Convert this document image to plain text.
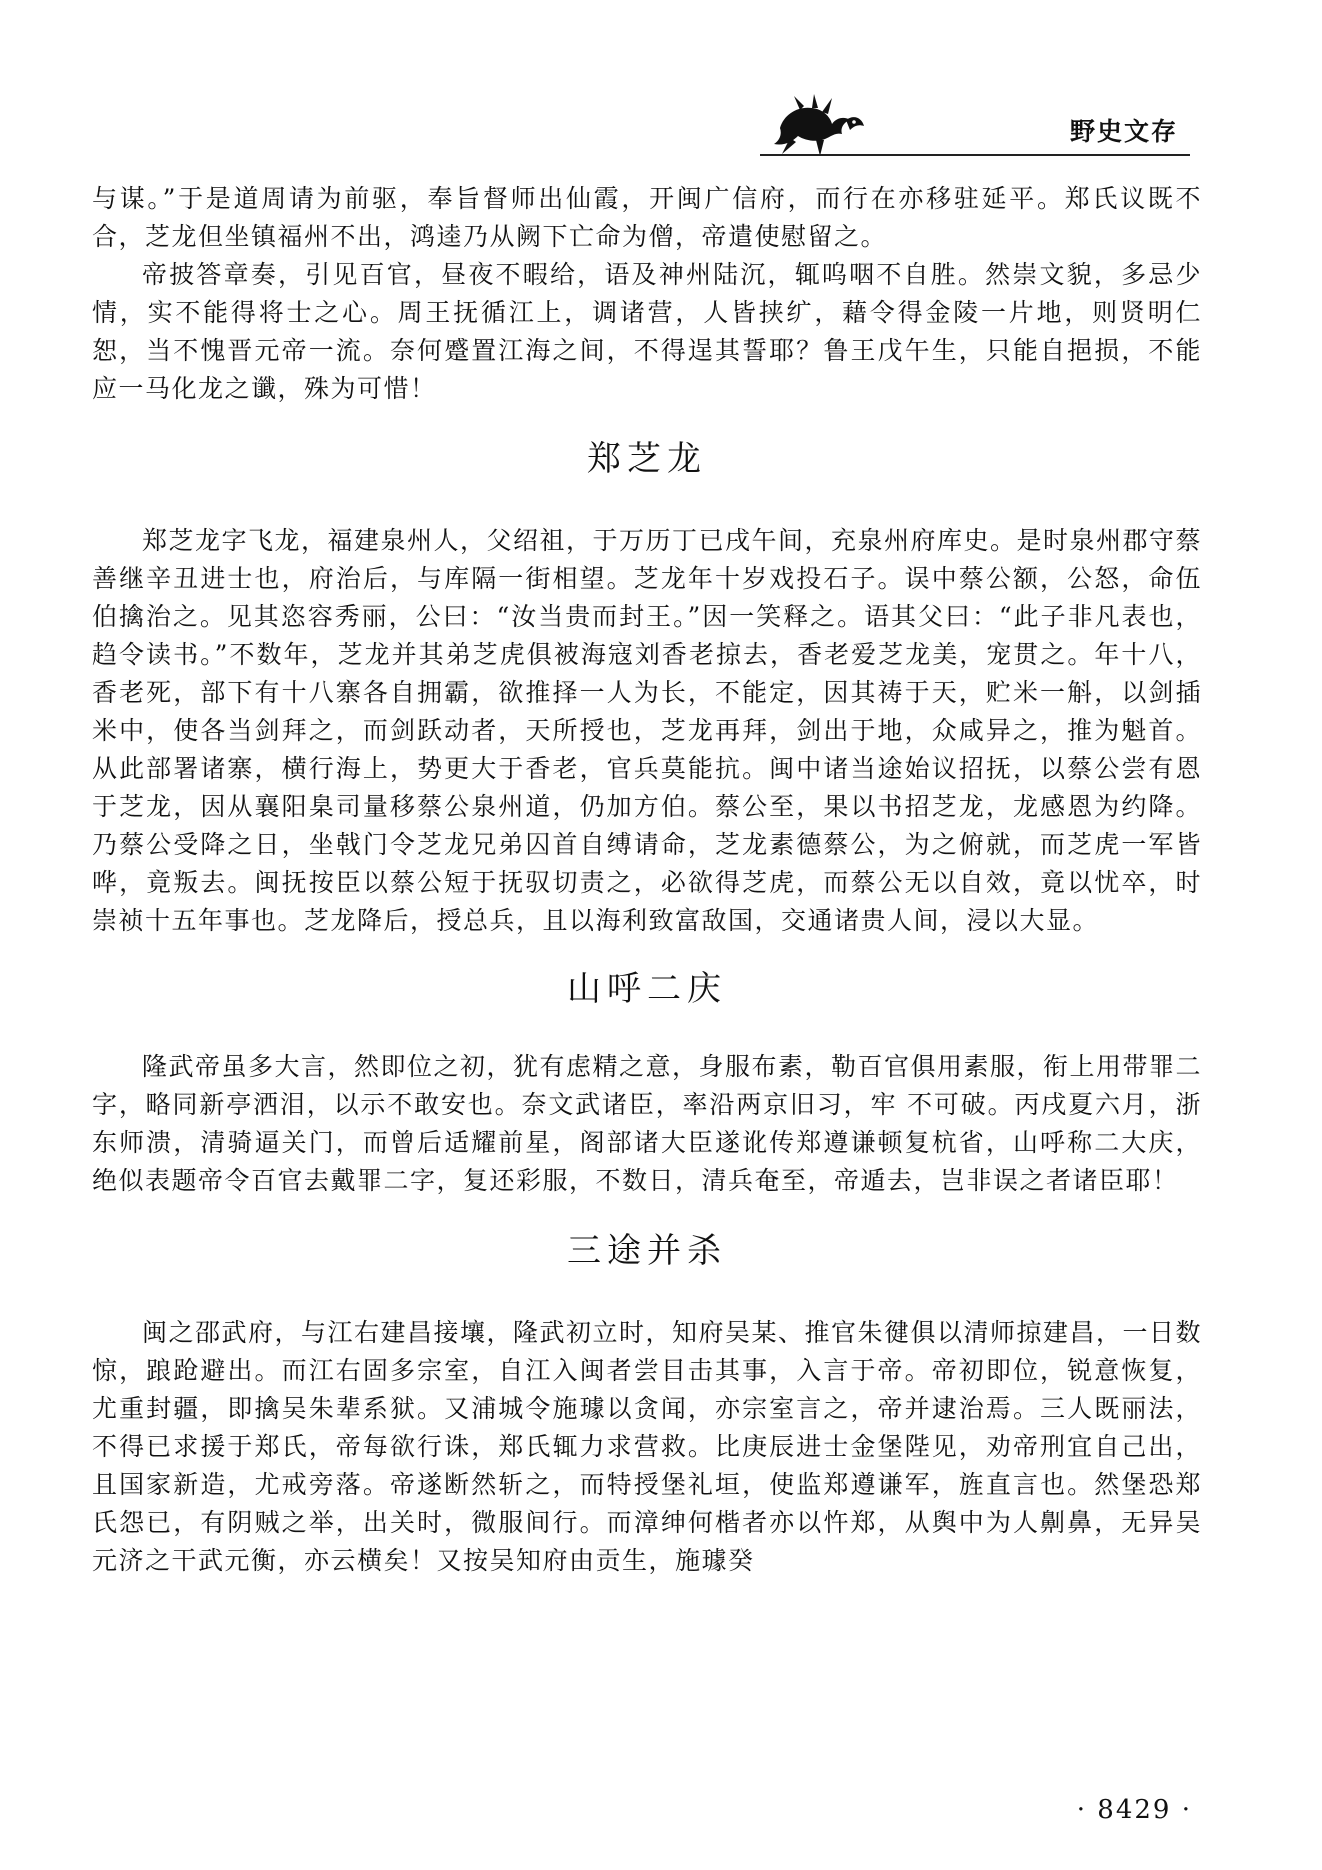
野史文存

与谋。”于是道周请为前驱，奉旨督师出仙霞，开闽广信府，而行在亦移驻延平。郑氏议既不合，芝龙但坐镇福州不出，鸿逵乃从阙下亡命为僧，帝遣使慰留之。

帝披答章奏，引见百官，昼夜不暇给，语及神州陆沉，辄呜咽不自胜。然崇文貌，多忌少情，实不能得将士之心。周王抚循江上，调诸营，人皆挟纩，藉令得金陵一片地，则贤明仁恕，当不愧晋元帝一流。奈何蹙置江海之间，不得逞其誓耶？鲁王戊午生，只能自挹损，不能应一马化龙之谶，殊为可惜！

郑芝龙

郑芝龙字飞龙，福建泉州人，父绍祖，于万历丁已戌午间，充泉州府库史。是时泉州郡守蔡善继辛丑进士也，府治后，与库隔一街相望。芝龙年十岁戏投石子。误中蔡公额，公怒，命伍伯擒治之。见其恣容秀丽，公曰：“汝当贵而封王。”因一笑释之。语其父曰：“此子非凡表也，趋令读书。”不数年，芝龙并其弟芝虎俱被海寇刘香老掠去，香老爱芝龙美，宠贯之。年十八，香老死，部下有十八寨各自拥霸，欲推择一人为长，不能定，因其祷于天，贮米一斛，以剑插米中，使各当剑拜之，而剑跃动者，天所授也，芝龙再拜，剑出于地，众咸异之，推为魁首。从此部署诸寨，横行海上，势更大于香老，官兵莫能抗。闽中诸当途始议招抚，以蔡公尝有恩于芝龙，因从襄阳臬司量移蔡公泉州道，仍加方伯。蔡公至，果以书招芝龙，龙感恩为约降。乃蔡公受降之日，坐戟门令芝龙兄弟囚首自缚请命，芝龙素德蔡公，为之俯就，而芝虎一军皆哗，竟叛去。闽抚按臣以蔡公短于抚驭切责之，必欲得芝虎，而蔡公无以自效，竟以忧卒，时崇祯十五年事也。芝龙降后，授总兵，且以海利致富敌国，交通诸贵人间，浸以大显。

山呼二庆

隆武帝虽多大言，然即位之初，犹有虑精之意，身服布素，勒百官俱用素服，衔上用带罪二字，略同新亭洒泪，以示不敢安也。奈文武诸臣，率沿两京旧习，牢 不可破。丙戌夏六月，浙东师溃，清骑逼关门，而曾后适耀前星，阁部诸大臣遂讹传郑遵谦顿复杭省，山呼称二大庆，绝似表题帝令百官去戴罪二字，复还彩服，不数日，清兵奄至，帝遁去，岂非误之者诸臣耶！

三途并杀

闽之邵武府，与江右建昌接壤，隆武初立时，知府吴某、推官朱徤俱以清师掠建昌，一日数惊，踉跄避出。而江右固多宗室，自江入闽者尝目击其事，入言于帝。帝初即位，锐意恢复，尤重封疆，即擒吴朱辈系狱。又浦城令施璩以贪闻，亦宗室言之，帝并逮治焉。三人既丽法，不得已求援于郑氏，帝每欲行诛，郑氏辄力求营救。比庚辰进士金堡陛见，劝帝刑宜自己出，且国家新造，尤戒旁落。帝遂断然斩之，而特授堡礼垣，使监郑遵谦军，旌直言也。然堡恐郑氏怨已，有阴贼之举，出关时，微服间行。而漳绅何楷者亦以忤郑，从舆中为人劓鼻，无异吴元济之干武元衡，亦云横矣！又按吴知府由贡生，施璩癸

· 8429 ·
